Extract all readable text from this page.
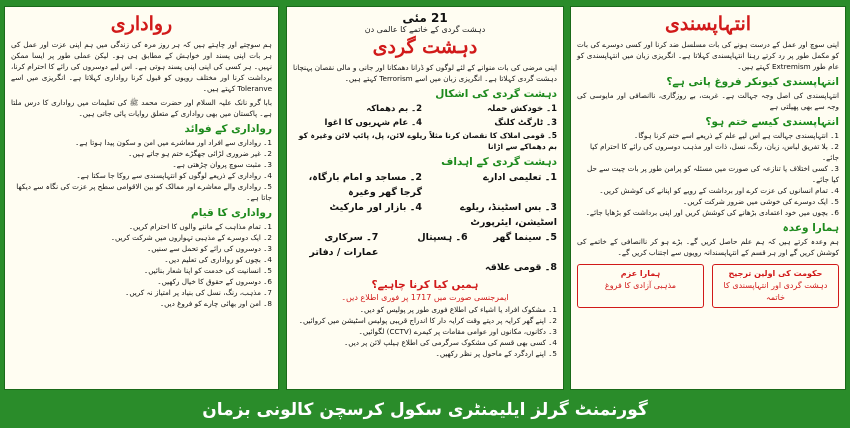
انتہاپسندی

اپنی سوچ اور عمل کے درست ہونے کی بات مسلسل ضد کرنا اور کسی دوسرے کی بات کو مکمل طور پر رد کرتے رہنا انتہاپسندی کہلاتا ہے۔ انگریزی زبان میں انتہاپسندی کو عام طور Extremism کہتے ہیں۔

انتہاپسندی کیونکر فروغ پاتی ہے؟

انتہاپسندی کی اصل وجہ جہالت ہے۔ غربت، بے روزگاری، ناانصافی اور مایوسی کی وجہ سے بھی پھیلتی ہے

انتہاپسندی کیسے ختم ہو؟
1۔ انتہاپسندی جہالت ہے اس لیے علم کے ذریعے اسے ختم کرنا ہوگا۔
2۔ بلا تفریق لباس، زبان، رنگ، نسل، ذات اور مذہب دوسروں کی رائے کا احترام کیا جائے۔
3۔ کسی اختلاف یا تنازعہ کی صورت میں مسئلہ کو پرامن طور پر بات چیت سے حل کیا جائے۔
4۔ تمام انسانوں کی عزت کرے اور برداشت کے رویے کو اپنانے کی کوشش کریں۔
5۔ ایک دوسرے کی خوشی میں ضرور شرکت کریں۔
6۔ بچوں میں خود اعتمادی بڑھانے کی کوشش کریں اور اپنی برداشت کو بڑھایا جائے۔
ہمارا وعدہ

ہم وعدہ کرتے ہیں کہ ہم علم حاصل کریں گے۔ بڑے ہو کر ناانصافی کے خاتمے کی کوشش کریں گے اور ہر قسم کے انتہاپسندانہ رویوں سے اجتناب کریں گے۔

حکومت کی اولین ترجیح
دہشت گردی اور انتہاپسندی کا خاتمہ
ہمارا عزم
مذہبی آزادی کا فروغ
21 مئی
دہشت گردی کے خاتمے کا عالمی دن
دہشت گردی

اپنی مرضی کی بات منوانے کے لئے لوگوں کو ڈرانا دھمکانا اور جانی و مالی نقصان پہنچانا دہشت گردی کہلاتا ہے۔ انگریزی زبان میں اسے Terrorism کہتے ہیں۔

دہشت گردی کی اشکال
1۔ خودکش حملہ
2۔ بم دھماکہ
3۔ ٹارگٹ کلنگ
4۔ عام شہریوں کا اغوا
5۔ قومی املاک کا نقصان کرنا مثلاً ریلوے لائن، پل، پائپ لائن وغیرہ کو بم دھماکے سے اڑانا
دہشت گردی کے اہداف
1۔ تعلیمی ادارے
2۔ مساجد و امام بارگاہ، گرجا گھر وغیرہ
3۔ بس اسٹینڈ، ریلوے اسٹیشن، ایئرپورٹ
4۔ بازار اور مارکیٹ
5۔ سینما گھر
6۔ ہسپتال
7۔ سرکاری عمارات / دفاتر
8۔ قومی علاقہ
ہمیں کیا کرنا چاہیے؟
ایمرجنسی صورت میں 1717 پر فوری اطلاع دیں۔
1۔ مشکوک افراد یا اشیاء کی اطلاع فوری طور پر پولیس کو دیں۔
2۔ اپنے گھر کرایہ پر دیتے وقت کرایہ دار کا اندراج قریبی پولیس اسٹیشن میں کروائیں۔
3۔ دکانوں، مکانوں اور عوامی مقامات پر کیمرے (CCTV) لگوائیں۔
4۔ کسی بھی قسم کی مشکوک سرگرمی کی اطلاع ہیلپ لائن پر دیں۔
5۔ اپنے اردگرد کے ماحول پر نظر رکھیں۔
رواداری

ہم سوچتے اور چاہتے ہیں کہ ہر روز مرہ کی زندگی میں ہم اپنی عزت اور عمل کی ہر بات اپنی پسند اور خواہش کے مطابق ہی ہو۔ لیکن عملی طور پر ایسا ممکن نہیں۔ ہر کسی کی اپنی اپنی پسند ہوتی ہے۔ اس لیے دوسروں کی رائے کا احترام کرنا، برداشت کرنا اور مختلف رویوں کو قبول کرنا رواداری کہلاتا ہے۔ انگریزی میں اسے Toleranve کہتے ہیں۔

بابا گرو نانک علیہ السلام اور حضرت محمد ﷺ کی تعلیمات میں رواداری کا درس ملتا ہے۔ پاکستان میں بھی رواداری کے متعلق روایات پائی جاتی ہیں۔

رواداری کے فوائد
1۔ رواداری سے افراد اور معاشرے میں امن و سکون پیدا ہوتا ہے۔
2۔ غیر ضروری لڑائی جھگڑے ختم ہو جاتے ہیں۔
3۔ مثبت سوچ پروان چڑھتی ہے۔
4۔ رواداری کے ذریعے لوگوں کو انتہاپسندی سے روکا جا سکتا ہے۔
5۔ رواداری والے معاشرے اور ممالک کو بین الاقوامی سطح پر عزت کی نگاہ سے دیکھا جاتا ہے۔
رواداری کا قیام
1۔ تمام مذاہب کے ماننے والوں کا احترام کریں۔
2۔ ایک دوسرے کے مذہبی تہواروں میں شرکت کریں۔
3۔ دوسروں کی رائے کو تحمل سے سنیں۔
4۔ بچوں کو رواداری کی تعلیم دیں۔
5۔ انسانیت کی خدمت کو اپنا شعار بنائیں۔
6۔ دوسروں کے حقوق کا خیال رکھیں۔
7۔ مذہب، رنگ، نسل کی بنیاد پر امتیاز نہ کریں۔
8۔ امن اور بھائی چارے کو فروغ دیں۔
گورنمنٹ گرلز ایلیمنٹری سکول کرسچن کالونی بزمان
